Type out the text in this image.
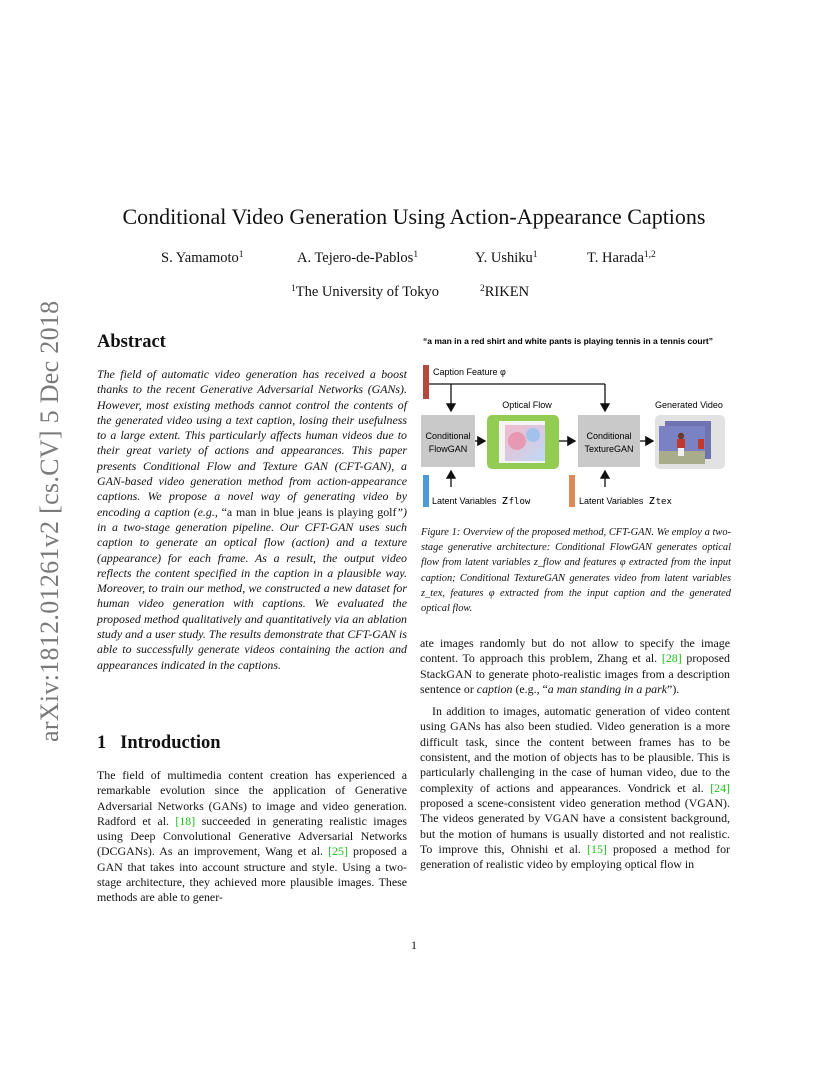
arXiv:1812.01261v2 [cs.CV] 5 Dec 2018
Conditional Video Generation Using Action-Appearance Captions
S. Yamamoto$^1$	A. Tejero-de-Pablos$^1$	Y. Ushiku$^1$	T. Harada$^{1,2}$
$^1$The University of Tokyo	$^2$RIKEN
Abstract
The field of automatic video generation has received a boost thanks to the recent Generative Adversarial Networks (GANs). However, most existing methods cannot control the contents of the generated video using a text caption, losing their usefulness to a large extent. This particularly affects human videos due to their great variety of actions and appearances. This paper presents Conditional Flow and Texture GAN (CFT-GAN), a GAN-based video generation method from action-appearance captions. We propose a novel way of generating video by encoding a caption (e.g., “a man in blue jeans is playing golf”) in a two-stage generation pipeline. Our CFT-GAN uses such caption to generate an optical flow (action) and a texture (appearance) for each frame. As a result, the output video reflects the content specified in the caption in a plausible way. Moreover, to train our method, we constructed a new dataset for human video generation with captions. We evaluated the proposed method qualitatively and quantitatively via an ablation study and a user study. The results demonstrate that CFT-GAN is able to successfully generate videos containing the action and appearances indicated in the captions.
1 Introduction
The field of multimedia content creation has experienced a remarkable evolution since the application of Generative Adversarial Networks (GANs) to image and video generation. Radford et al. [18] succeeded in generating realistic images using Deep Convolutional Generative Adversarial Networks (DCGANs). As an improvement, Wang et al. [25] proposed a GAN that takes into account structure and style. Using a two-stage architecture, they achieved more plausible images. These methods are able to gener-
“a man in a red shirt and white pants is playing tennis in a tennis court”
Caption Feature φ
Conditional
FlowGAN
Optical Flow
Conditional
TextureGAN
Generated Video
Latent Variables zflow	Latent Variables ztex
Figure 1: Overview of the proposed method, CFT-GAN. We employ a two-stage generative architecture: Conditional FlowGAN generates optical flow from latent variables z_flow and features φ extracted from the input caption; Conditional TextureGAN generates video from latent variables z_tex, features φ extracted from the input caption and the generated optical flow.

ate images randomly but do not allow to specify the image content. To approach this problem, Zhang et al. [28] proposed StackGAN to generate photo-realistic images from a description sentence or caption (e.g., “a man standing in a park”).

In addition to images, automatic generation of video content using GANs has also been studied. Video generation is a more difficult task, since the content between frames has to be consistent, and the motion of objects has to be plausible. This is particularly challenging in the case of human video, due to the complexity of actions and appearances. Vondrick et al. [24] proposed a scene-consistent video generation method (VGAN). The videos generated by VGAN have a consistent background, but the motion of humans is usually distorted and not realistic. To improve this, Ohnishi et al. [15] proposed a method for generation of realistic video by employing optical flow in

1
